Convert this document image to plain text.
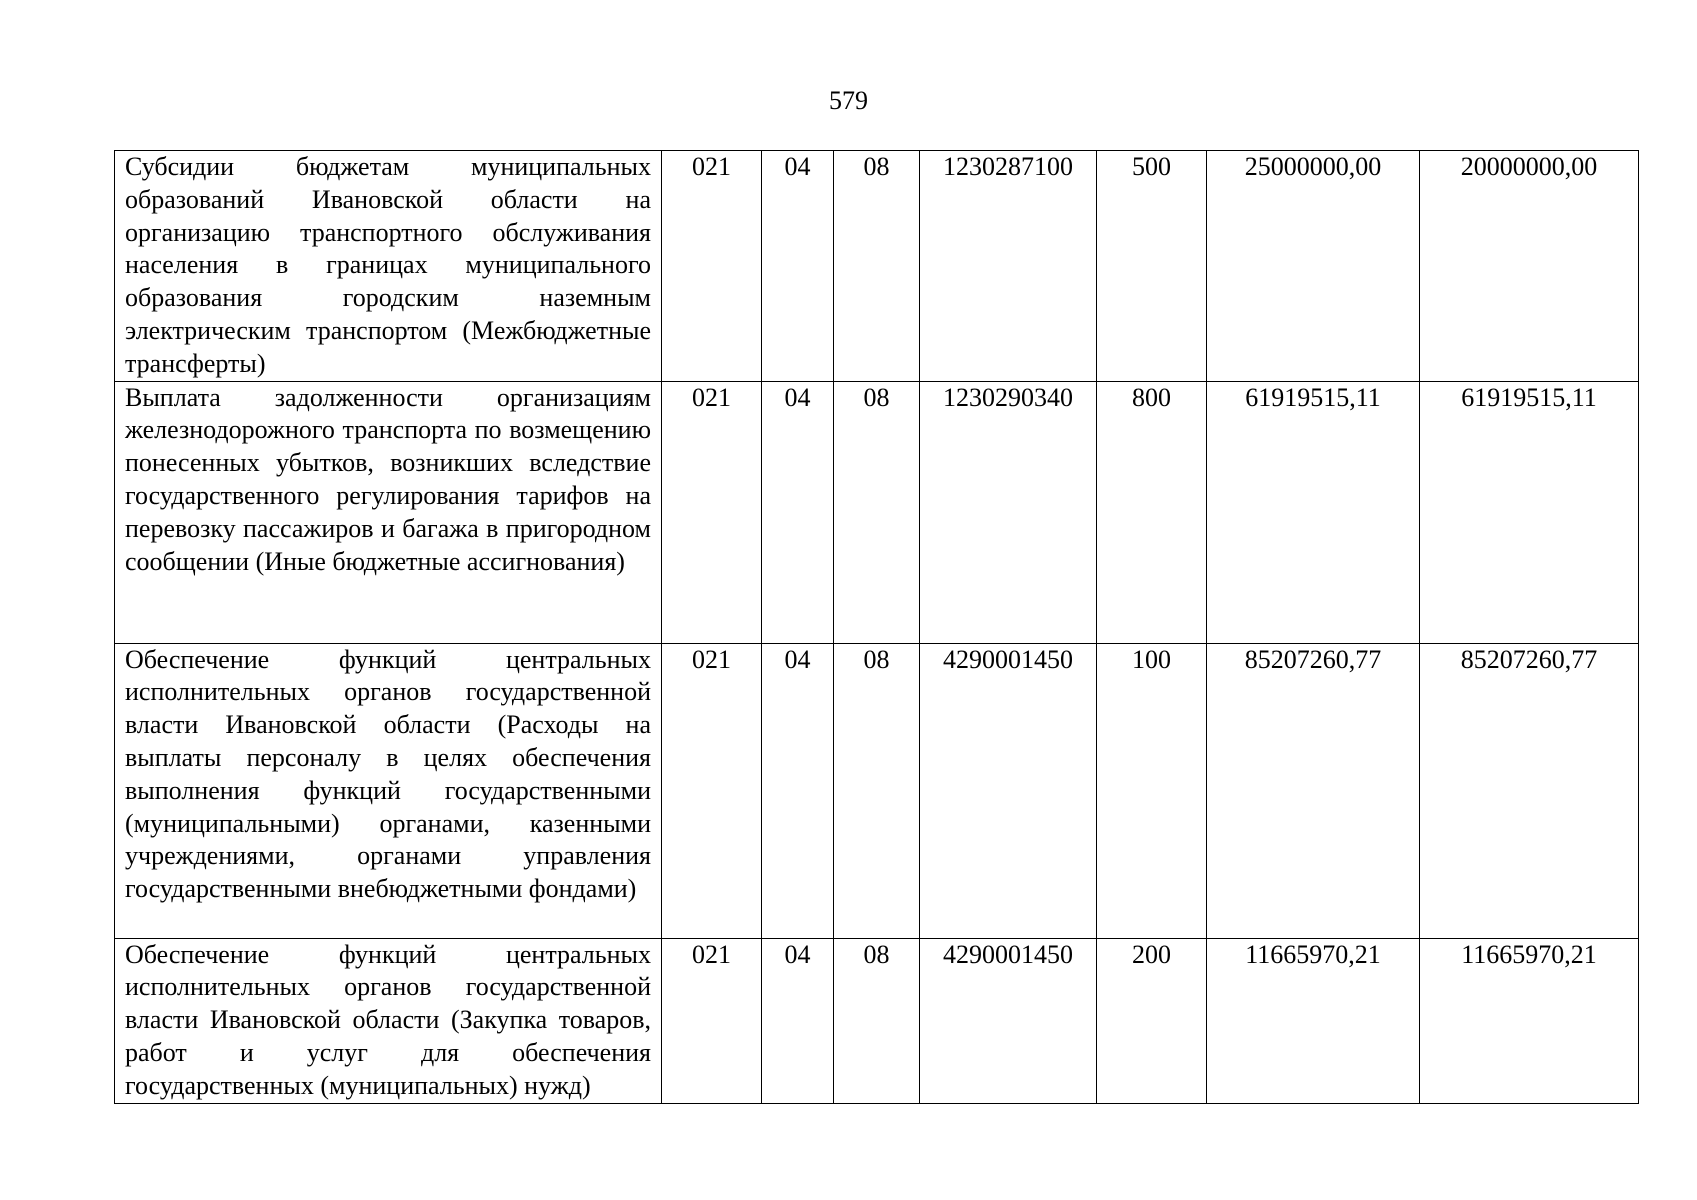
579
Субсидии бюджетам муниципальных образований Ивановской области на организацию транспортного обслуживания населения в границах муниципального образования городским наземным электрическим транспортом (Межбюджетные трансферты)	021	04	08	1230287100	500	25000000,00	20000000,00
Выплата задолженности организациям железнодорожного транспорта по возмещению понесенных убытков, возникших вследствие государственного регулирования тарифов на перевозку пассажиров и багажа в пригородном сообщении (Иные бюджетные ассигнования)	021	04	08	1230290340	800	61919515,11	61919515,11
Обеспечение функций центральных исполнительных органов государственной власти Ивановской области (Расходы на выплаты персоналу в целях обеспечения выполнения функций государственными (муниципальными) органами, казенными учреждениями, органами управления государственными внебюджетными фондами)	021	04	08	4290001450	100	85207260,77	85207260,77
Обеспечение функций центральных исполнительных органов государственной власти Ивановской области (Закупка товаров, работ и услуг для обеспечения государственных (муниципальных) нужд)	021	04	08	4290001450	200	11665970,21	11665970,21
